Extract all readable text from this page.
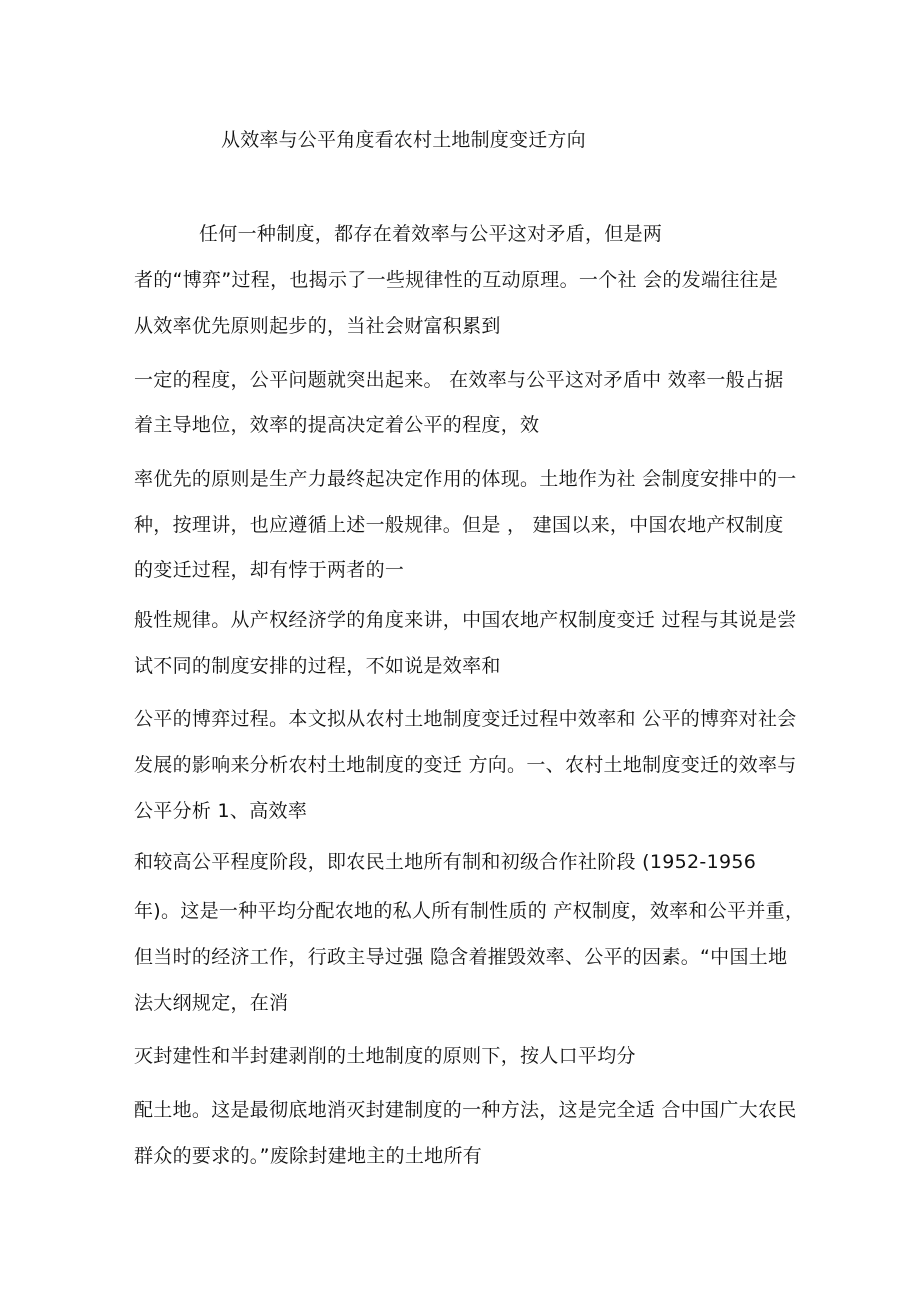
从效率与公平角度看农村土地制度变迁方向
任何一种制度，都存在着效率与公平这对矛盾，但是两
者的“博弈”过程，也揭示了一些规律性的互动原理。一个社 会的发端往往是
从效率优先原则起步的，当社会财富积累到
一定的程度，公平问题就突出起来。 在效率与公平这对矛盾中 效率一般占据
着主导地位，效率的提高决定着公平的程度，效
率优先的原则是生产力最终起决定作用的体现。土地作为社 会制度安排中的一
种，按理讲，也应遵循上述一般规律。但是 ， 建国以来，中国农地产权制度
的变迁过程，却有悖于两者的一
般性规律。从产权经济学的角度来讲，中国农地产权制度变迁 过程与其说是尝
试不同的制度安排的过程，不如说是效率和
公平的博弈过程。本文拟从农村土地制度变迁过程中效率和 公平的博弈对社会
发展的影响来分析农村土地制度的变迁 方向。一、农村土地制度变迁的效率与
公平分析 1、高效率
和较高公平程度阶段，即农民土地所有制和初级合作社阶段 (1952-1956
年)。这是一种平均分配农地的私人所有制性质的 产权制度，效率和公平并重，
但当时的经济工作，行政主导过强 隐含着摧毁效率、公平的因素。“中国土地
法大纲规定，在消
灭封建性和半封建剥削的土地制度的原则下，按人口平均分
配土地。这是最彻底地消灭封建制度的一种方法，这是完全适 合中国广大农民
群众的要求的。”废除封建地主的土地所有
